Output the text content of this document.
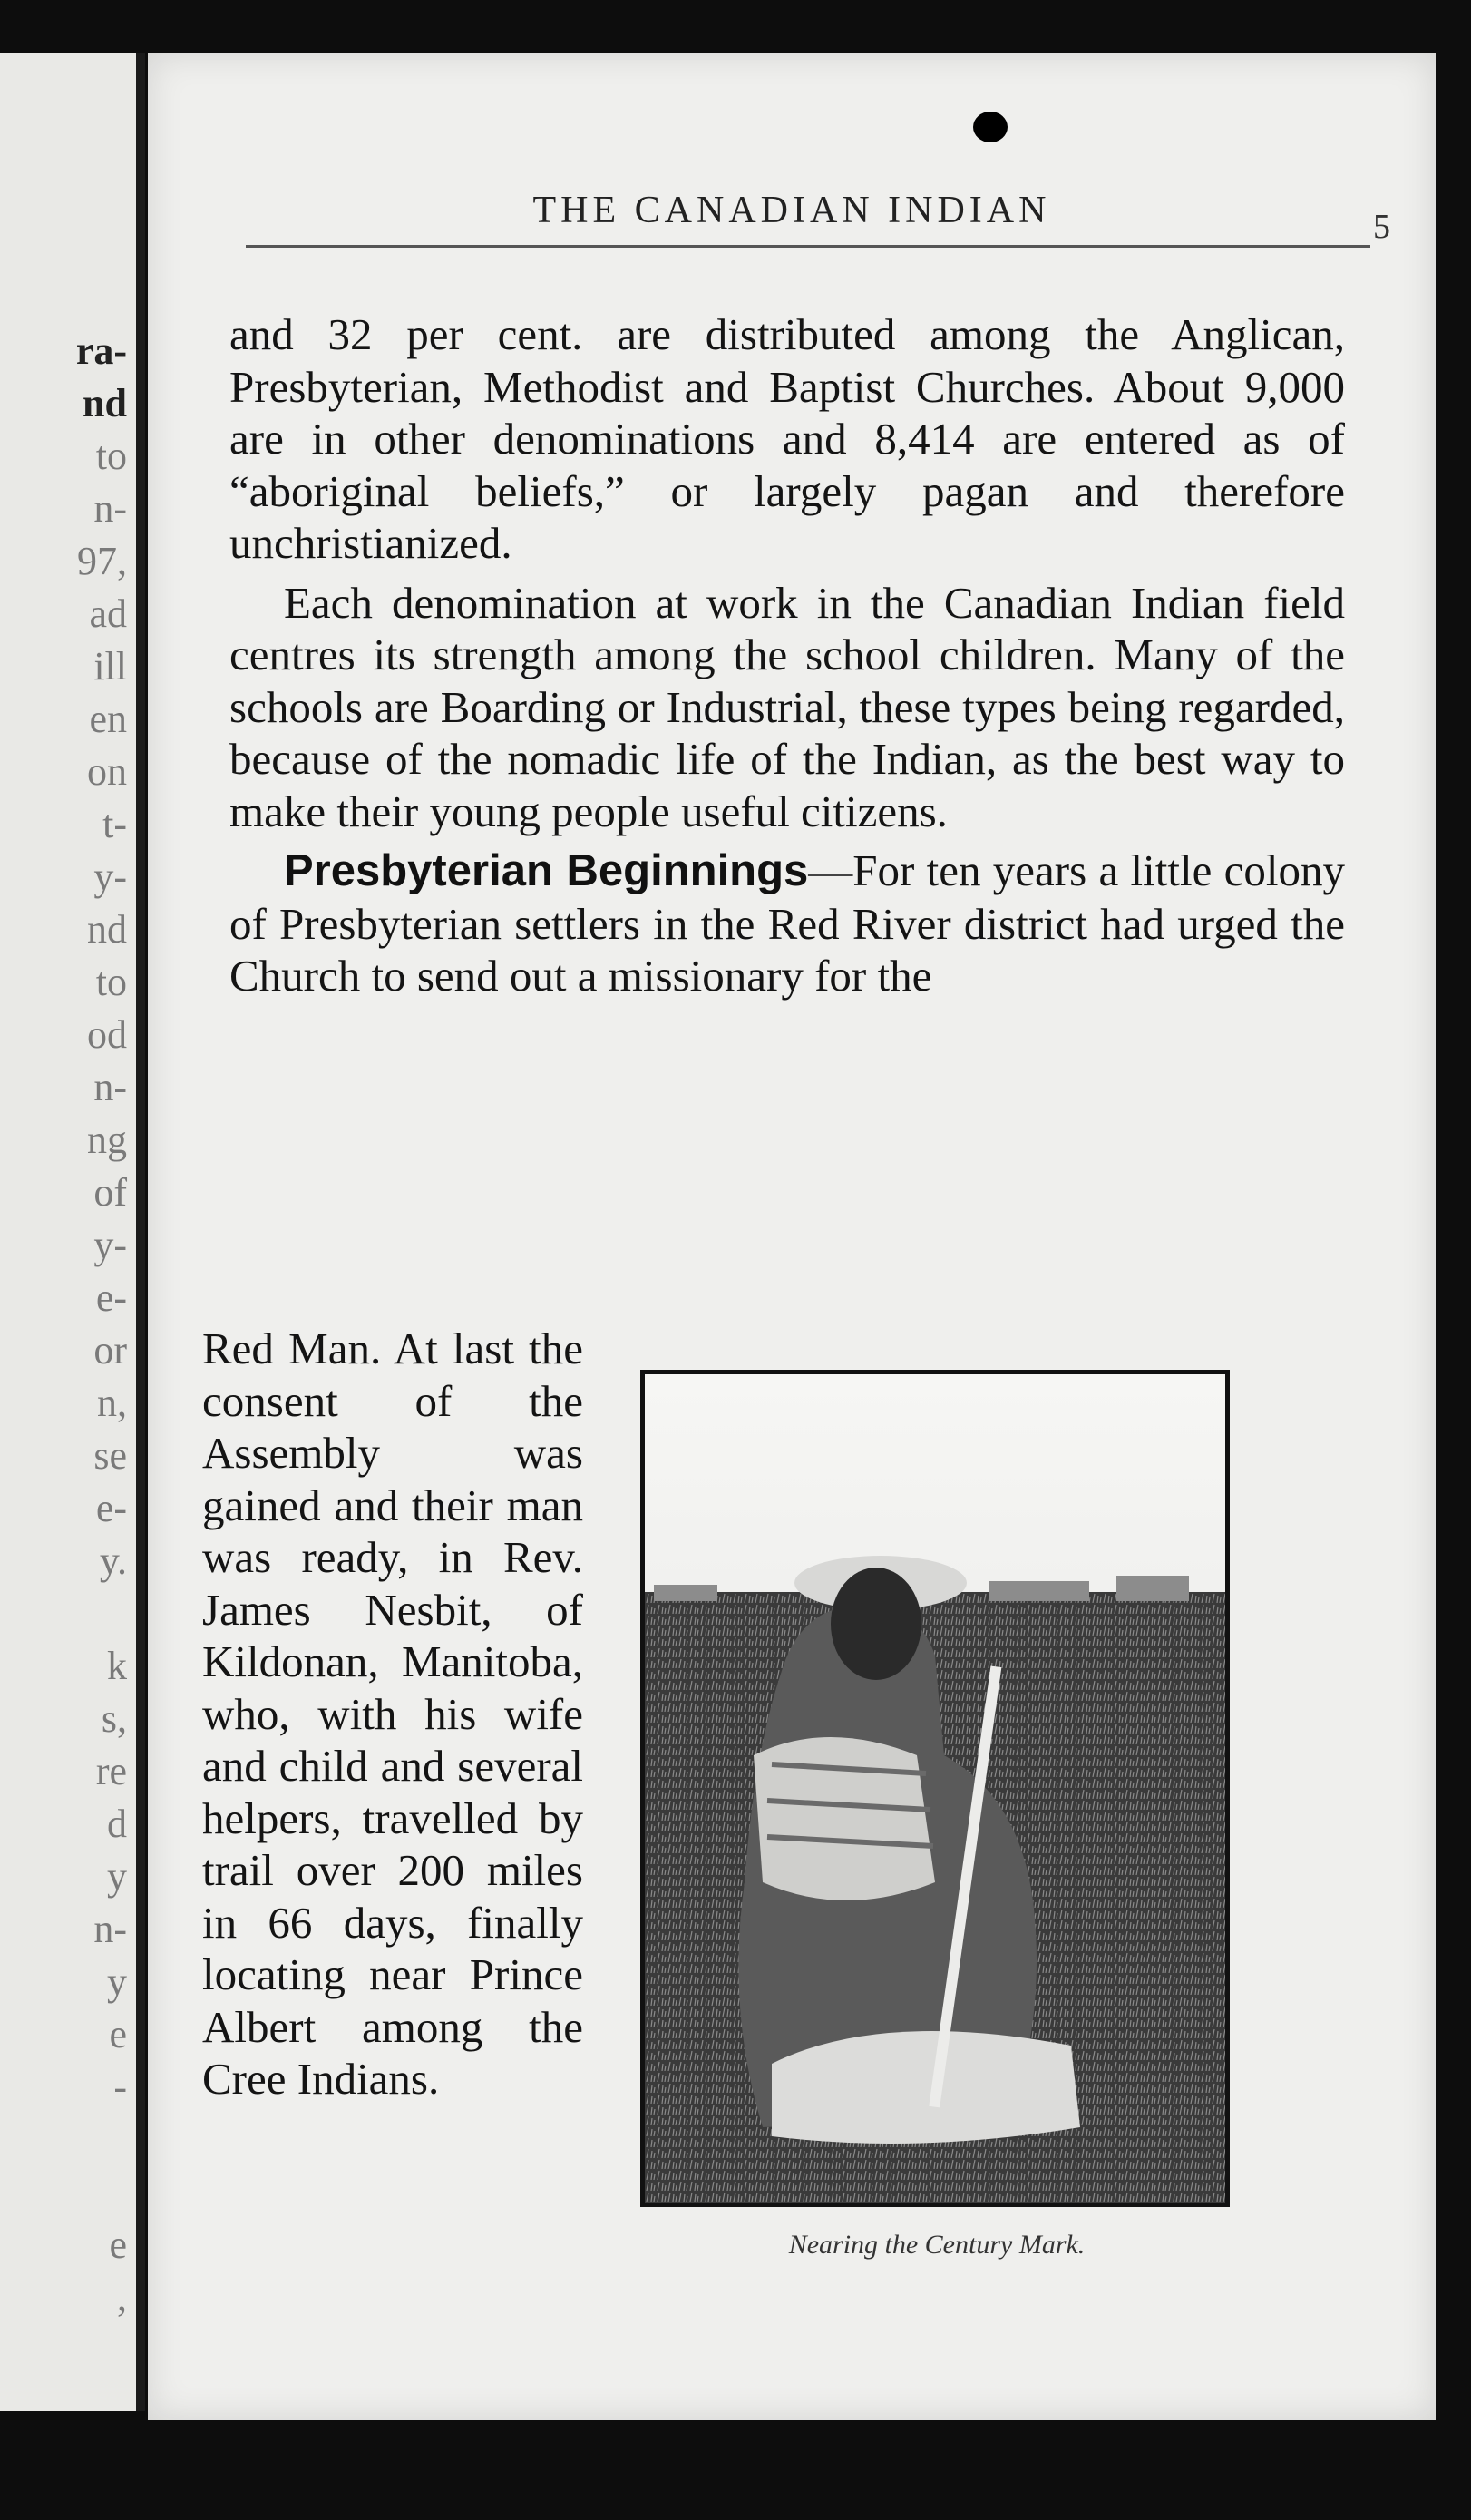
ra-
nd
to
n-
97,
ad
ill
en
on
t-
y-
nd
to
od
n-
ng
of
y-
e-
or
n,
se
e-
y.
k
s,
re
d
y
n-
y
e
-
e
,
THE CANADIAN INDIAN	5

and 32 per cent. are distributed among the Anglican, Presbyterian, Methodist and Baptist Churches. About 9,000 are in other denominations and 8,414 are entered as of “aboriginal beliefs,” or largely pagan and therefore unchristianized.

Each denomination at work in the Canadian Indian field centres its strength among the school children. Many of the schools are Boarding or Industrial, these types being regarded, because of the nomadic life of the Indian, as the best way to make their young people useful citizens.

Presbyterian Beginnings—For ten years a little colony of Presbyterian settlers in the Red River district had urged the Church to send out a missionary for the

Red Man. At last the consent of the Assembly was gained and their man was ready, in Rev. James Nesbit, of Kildonan, Manitoba, who, with his wife and child and several helpers, travelled by trail over 200 miles in 66 days, finally locating near Prince Albert among the Cree Indians.

Nearing the Century Mark.
